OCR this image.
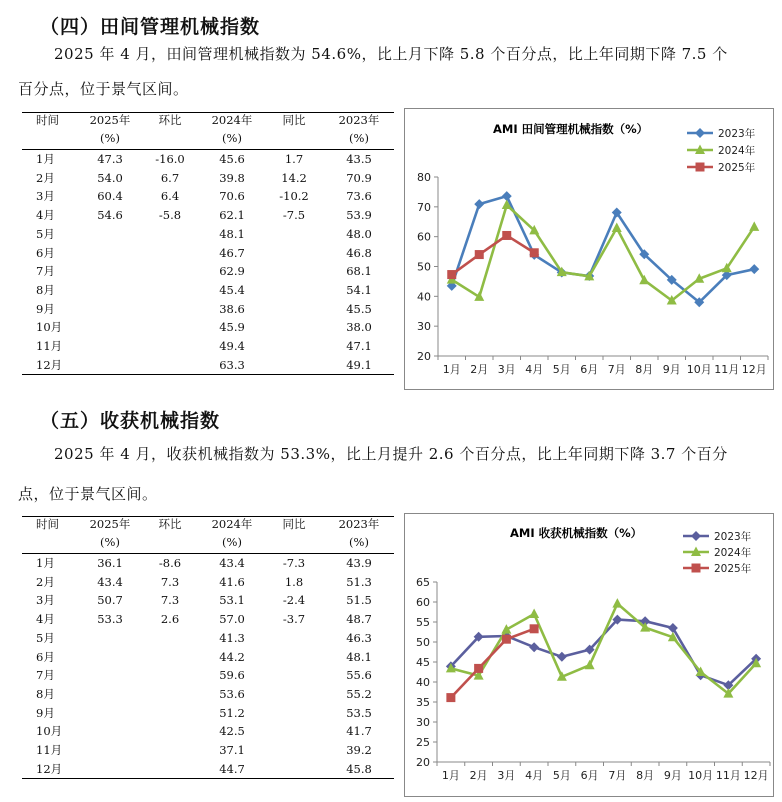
（四）田间管理机械指数
2025 年 4 月，田间管理机械指数为 54.6%，比上月下降 5.8 个百分点，比上年同期下降 7.5 个
百分点，位于景气区间。
时间	2025年	环比	2024年	同比	2023年
	(%)		(%)		(%)
1月	47.3	-16.0	45.6	1.7	43.5
2月	54.0	6.7	39.8	14.2	70.9
3月	60.4	6.4	70.6	-10.2	73.6
4月	54.6	-5.8	62.1	-7.5	53.9
5月			48.1		48.0
6月			46.7		46.8
7月			62.9		68.1
8月			45.4		54.1
9月			38.6		45.5
10月			45.9		38.0
11月			49.4		47.1
12月			63.3		49.1
AMI 田间管理机械指数（%）
20
30
40
50
60
70
80
1月 2月 3月 4月 5月 6月 7月 8月 9月 10月 11月 12月
2023年
2024年
2025年
（五）收获机械指数
2025 年 4 月，收获机械指数为 53.3%，比上月提升 2.6 个百分点，比上年同期下降 3.7 个百分
点，位于景气区间。
时间	2025年	环比	2024年	同比	2023年
	(%)		(%)		(%)
1月	36.1	-8.6	43.4	-7.3	43.9
2月	43.4	7.3	41.6	1.8	51.3
3月	50.7	7.3	53.1	-2.4	51.5
4月	53.3	2.6	57.0	-3.7	48.7
5月			41.3		46.3
6月			44.2		48.1
7月			59.6		55.6
8月			53.6		55.2
9月			51.2		53.5
10月			42.5		41.7
11月			37.1		39.2
12月			44.7		45.8
AMI 收获机械指数（%）
20
25
30
35
40
45
50
55
60
65
1月 2月 3月 4月 5月 6月 7月 8月 9月 10月 11月 12月
2023年
2024年
2025年
